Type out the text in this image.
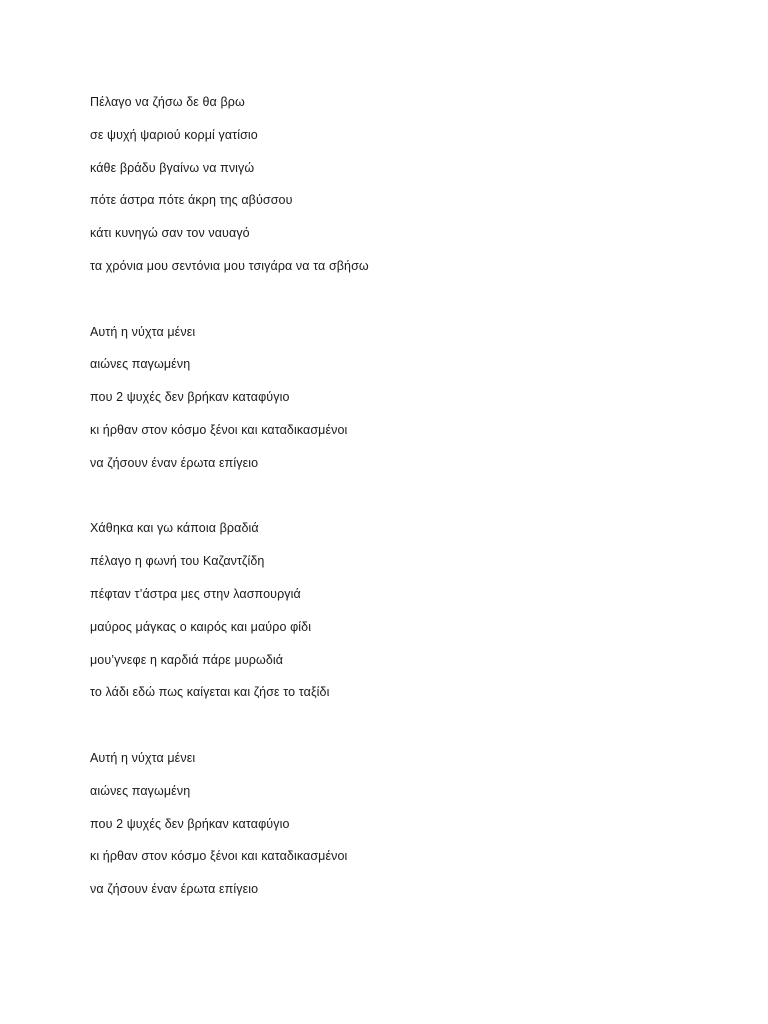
Πέλαγο να ζήσω δε θα βρω
σε ψυχή ψαριού κορμί γατίσιο
κάθε βράδυ βγαίνω να πνιγώ
πότε άστρα πότε άκρη της αβύσσου
κάτι κυνηγώ σαν τον ναυαγό
τα χρόνια μου σεντόνια μου τσιγάρα να τα σβήσω
Αυτή η νύχτα μένει
αιώνες παγωμένη
που 2 ψυχές δεν βρήκαν καταφύγιο
κι ήρθαν στον κόσμο ξένοι και καταδικασμένοι
να ζήσουν έναν έρωτα επίγειο
Χάθηκα και γω κάποια βραδιά
πέλαγο η φωνή του Καζαντζίδη
πέφταν τ’άστρα μες στην λασπουργιά
μαύρος μάγκας ο καιρός και μαύρο φίδι
μου’γνεφε η καρδιά πάρε μυρωδιά
το λάδι εδώ πως καίγεται και ζήσε το ταξίδι
Αυτή η νύχτα μένει
αιώνες παγωμένη
που 2 ψυχές δεν βρήκαν καταφύγιο
κι ήρθαν στον κόσμο ξένοι και καταδικασμένοι
να ζήσουν έναν έρωτα επίγειο
